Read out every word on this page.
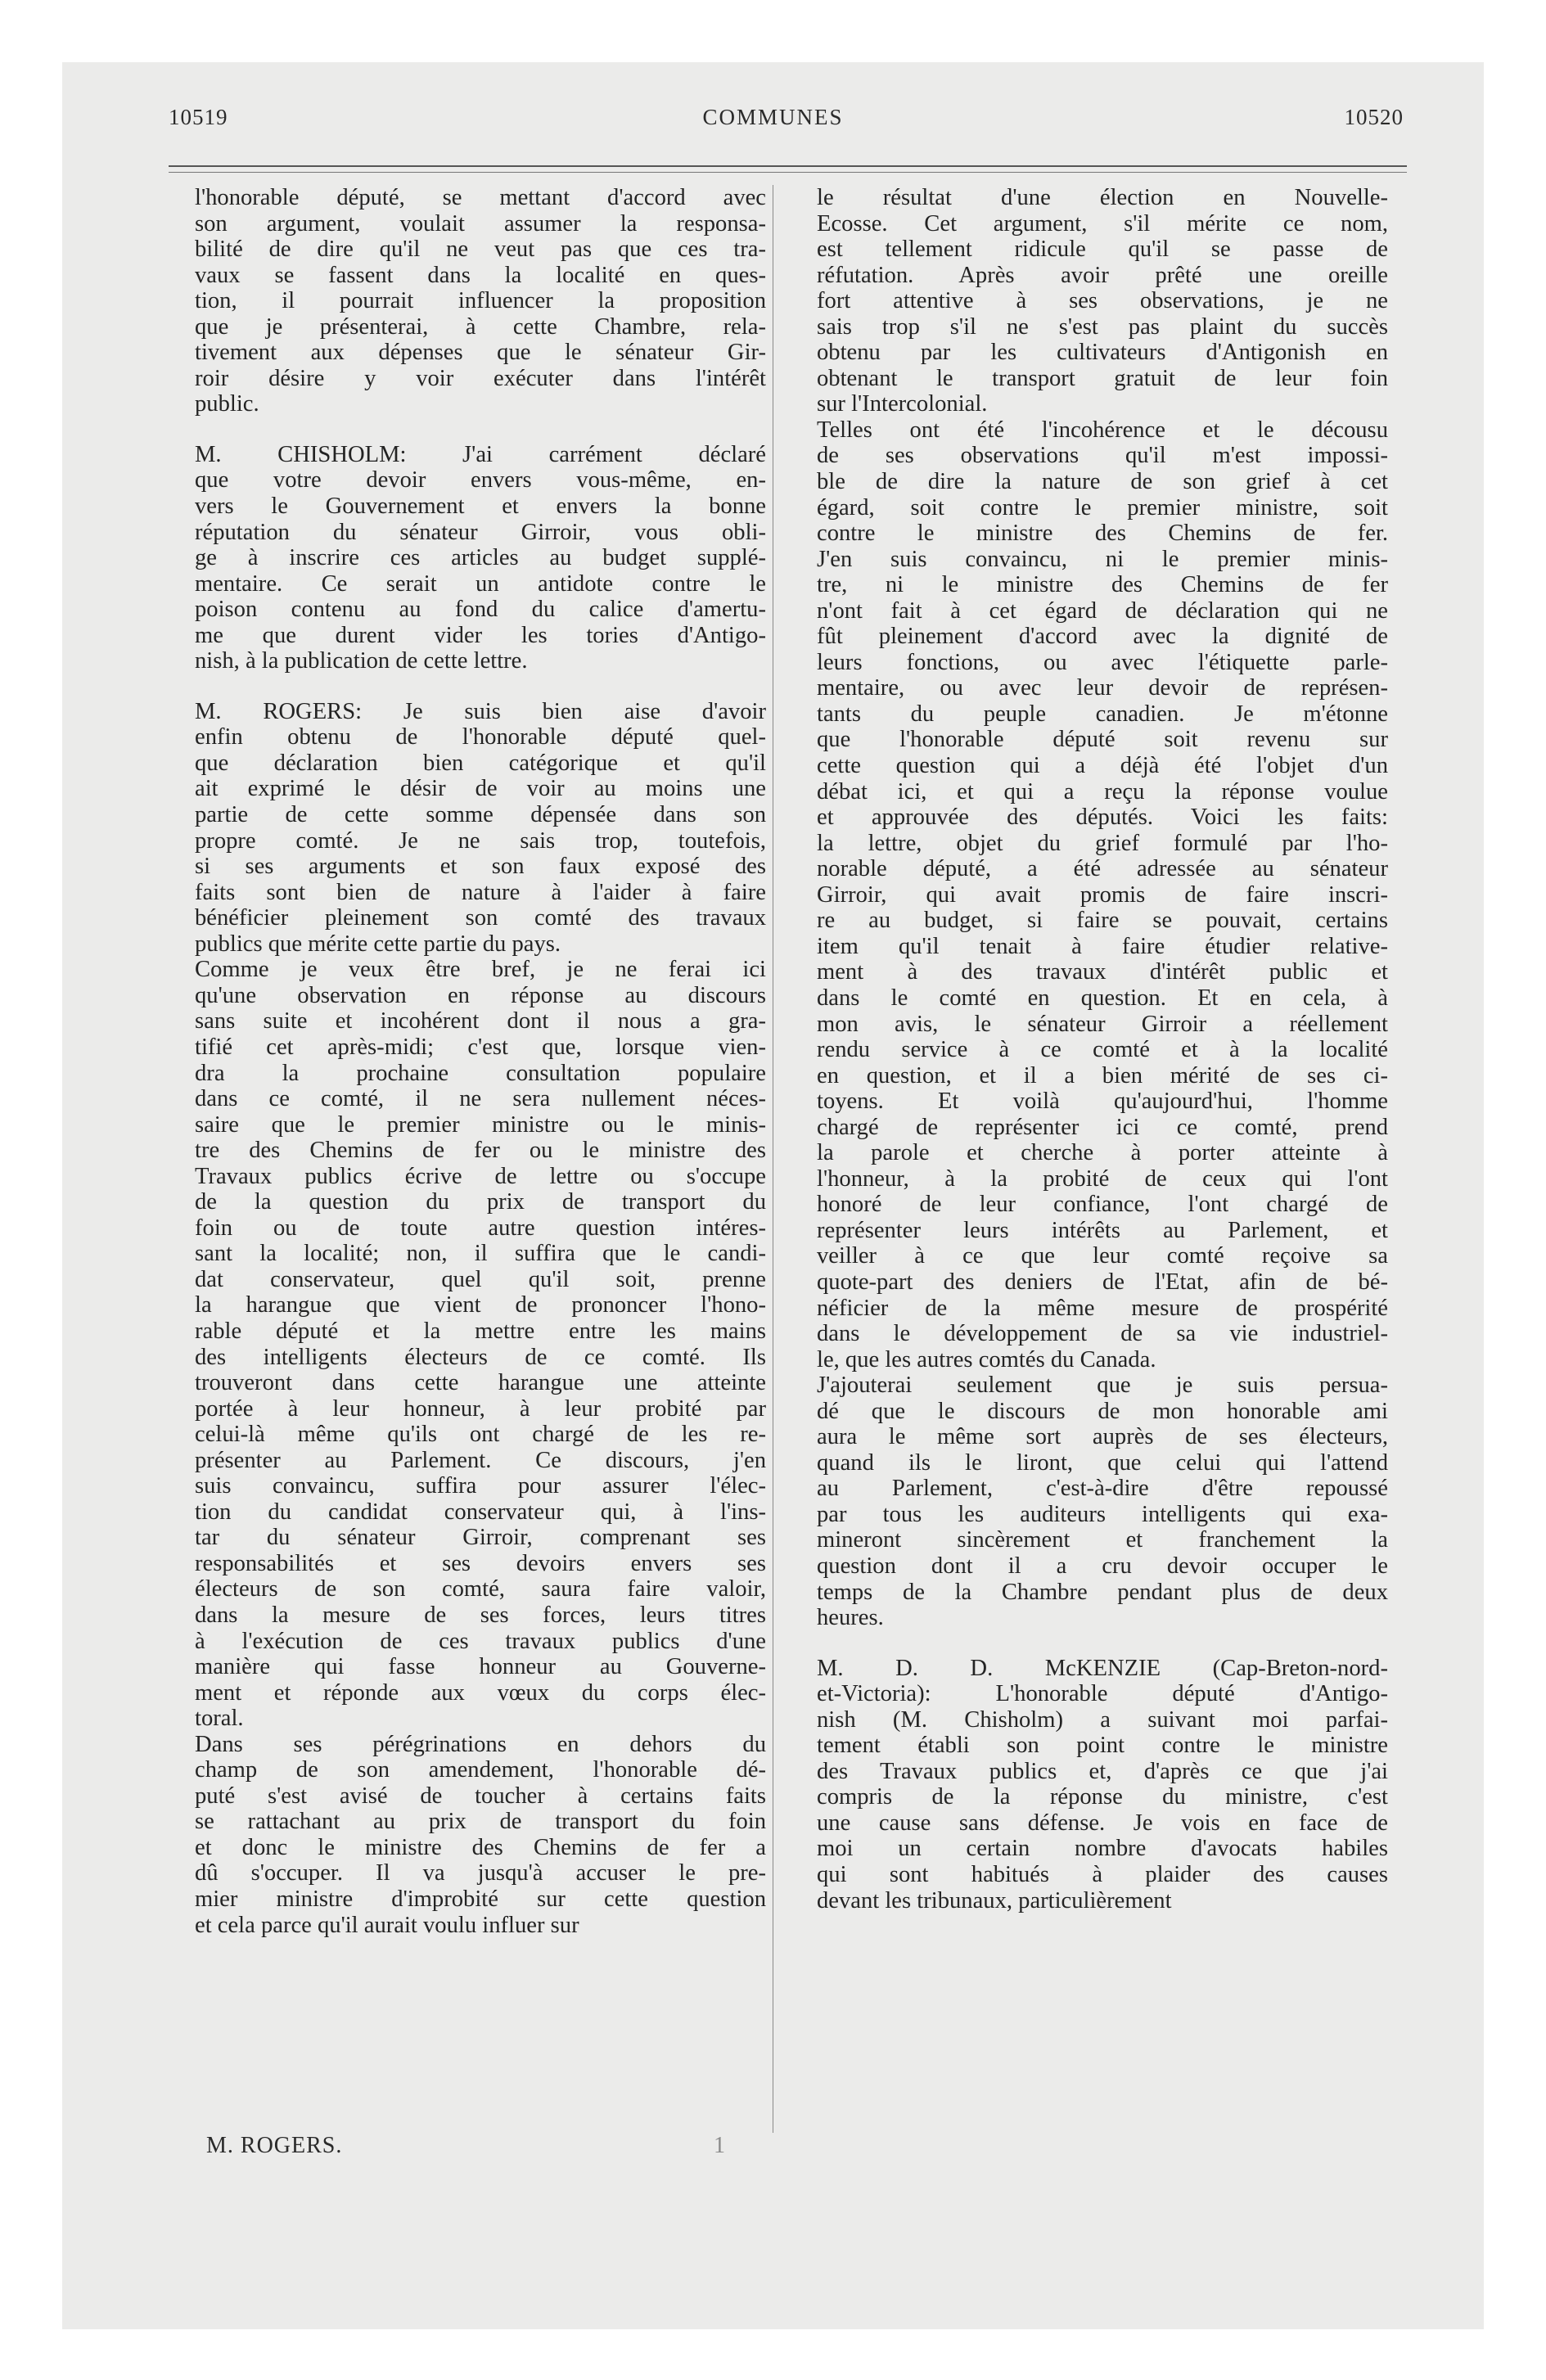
10519	COMMUNES	10520

l'honorable député, se mettant d'accord avec
son argument, voulait assumer la responsa-
bilité de dire qu'il ne veut pas que ces tra-
vaux se fassent dans la localité en ques-
tion, il pourrait influencer la proposition
que je présenterai, à cette Chambre, rela-
tivement aux dépenses que le sénateur Gir-
roir désire y voir exécuter dans l'intérêt
public.

M. CHISHOLM: J'ai carrément déclaré
que votre devoir envers vous-même, en-
vers le Gouvernement et envers la bonne
réputation du sénateur Girroir, vous obli-
ge à inscrire ces articles au budget supplé-
mentaire. Ce serait un antidote contre le
poison contenu au fond du calice d'amertu-
me que durent vider les tories d'Antigo-
nish, à la publication de cette lettre.

M. ROGERS: Je suis bien aise d'avoir
enfin obtenu de l'honorable député quel-
que déclaration bien catégorique et qu'il
ait exprimé le désir de voir au moins une
partie de cette somme dépensée dans son
propre comté. Je ne sais trop, toutefois,
si ses arguments et son faux exposé des
faits sont bien de nature à l'aider à faire
bénéficier pleinement son comté des travaux
publics que mérite cette partie du pays.

Comme je veux être bref, je ne ferai ici
qu'une observation en réponse au discours
sans suite et incohérent dont il nous a gra-
tifié cet après-midi; c'est que, lorsque vien-
dra la prochaine consultation populaire
dans ce comté, il ne sera nullement néces-
saire que le premier ministre ou le minis-
tre des Chemins de fer ou le ministre des
Travaux publics écrive de lettre ou s'occupe
de la question du prix de transport du
foin ou de toute autre question intéres-
sant la localité; non, il suffira que le candi-
dat conservateur, quel qu'il soit, prenne
la harangue que vient de prononcer l'hono-
rable député et la mettre entre les mains
des intelligents électeurs de ce comté. Ils
trouveront dans cette harangue une atteinte
portée à leur honneur, à leur probité par
celui-là même qu'ils ont chargé de les re-
présenter au Parlement. Ce discours, j'en
suis convaincu, suffira pour assurer l'élec-
tion du candidat conservateur qui, à l'ins-
tar du sénateur Girroir, comprenant ses
responsabilités et ses devoirs envers ses
électeurs de son comté, saura faire valoir,
dans la mesure de ses forces, leurs titres
à l'exécution de ces travaux publics d'une
manière qui fasse honneur au Gouverne-
ment et réponde aux vœux du corps élec-
toral.

Dans ses pérégrinations en dehors du
champ de son amendement, l'honorable dé-
puté s'est avisé de toucher à certains faits
se rattachant au prix de transport du foin
et donc le ministre des Chemins de fer a
dû s'occuper. Il va jusqu'à accuser le pre-
mier ministre d'improbité sur cette question
et cela parce qu'il aurait voulu influer sur

le résultat d'une élection en Nouvelle-
Ecosse. Cet argument, s'il mérite ce nom,
est tellement ridicule qu'il se passe de
réfutation. Après avoir prêté une oreille
fort attentive à ses observations, je ne
sais trop s'il ne s'est pas plaint du succès
obtenu par les cultivateurs d'Antigonish en
obtenant le transport gratuit de leur foin
sur l'Intercolonial.

Telles ont été l'incohérence et le décousu
de ses observations qu'il m'est impossi-
ble de dire la nature de son grief à cet
égard, soit contre le premier ministre, soit
contre le ministre des Chemins de fer.
J'en suis convaincu, ni le premier minis-
tre, ni le ministre des Chemins de fer
n'ont fait à cet égard de déclaration qui ne
fût pleinement d'accord avec la dignité de
leurs fonctions, ou avec l'étiquette parle-
mentaire, ou avec leur devoir de représen-
tants du peuple canadien. Je m'étonne
que l'honorable député soit revenu sur
cette question qui a déjà été l'objet d'un
débat ici, et qui a reçu la réponse voulue
et approuvée des députés. Voici les faits:
la lettre, objet du grief formulé par l'ho-
norable député, a été adressée au sénateur
Girroir, qui avait promis de faire inscri-
re au budget, si faire se pouvait, certains
item qu'il tenait à faire étudier relative-
ment à des travaux d'intérêt public et
dans le comté en question. Et en cela, à
mon avis, le sénateur Girroir a réellement
rendu service à ce comté et à la localité
en question, et il a bien mérité de ses ci-
toyens. Et voilà qu'aujourd'hui, l'homme
chargé de représenter ici ce comté, prend
la parole et cherche à porter atteinte à
l'honneur, à la probité de ceux qui l'ont
honoré de leur confiance, l'ont chargé de
représenter leurs intérêts au Parlement, et
veiller à ce que leur comté reçoive sa
quote-part des deniers de l'Etat, afin de bé-
néficier de la même mesure de prospérité
dans le développement de sa vie industriel-
le, que les autres comtés du Canada.

J'ajouterai seulement que je suis persua-
dé que le discours de mon honorable ami
aura le même sort auprès de ses électeurs,
quand ils le liront, que celui qui l'attend
au Parlement, c'est-à-dire d'être repoussé
par tous les auditeurs intelligents qui exa-
mineront sincèrement et franchement la
question dont il a cru devoir occuper le
temps de la Chambre pendant plus de deux
heures.

M. D. D. McKENZIE (Cap-Breton-nord-
et-Victoria): L'honorable député d'Antigo-
nish (M. Chisholm) a suivant moi parfai-
tement établi son point contre le ministre
des Travaux publics et, d'après ce que j'ai
compris de la réponse du ministre, c'est
une cause sans défense. Je vois en face de
moi un certain nombre d'avocats habiles
qui sont habitués à plaider des causes
devant les tribunaux, particulièrement

M. ROGERS.	1
